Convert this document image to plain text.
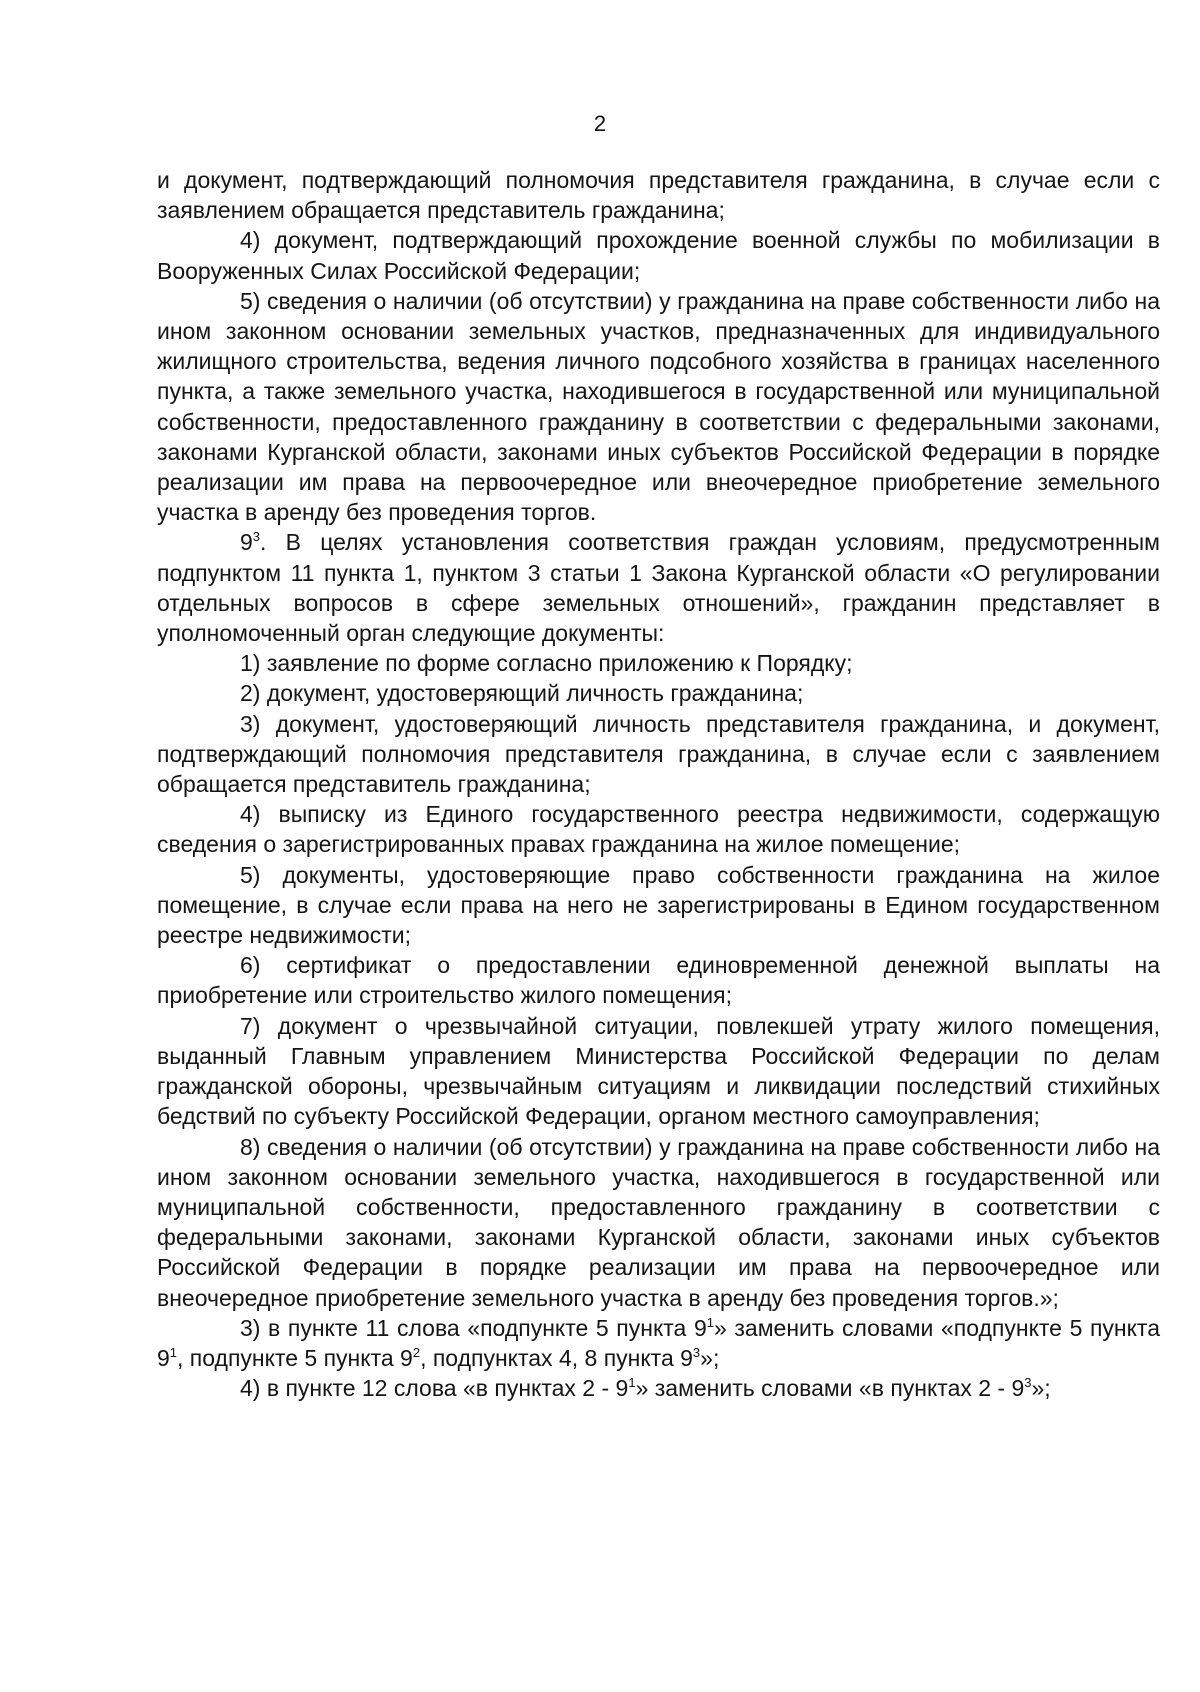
2

и документ, подтверждающий полномочия представителя гражданина, в случае если с заявлением обращается представитель гражданина;

4) документ, подтверждающий прохождение военной службы по мобилизации в Вооруженных Силах Российской Федерации;

5) сведения о наличии (об отсутствии) у гражданина на праве собственности либо на ином законном основании земельных участков, предназначенных для индивидуального жилищного строительства, ведения личного подсобного хозяйства в границах населенного пункта, а также земельного участка, находившегося в государственной или муниципальной собственности, предоставленного гражданину в соответствии с федеральными законами, законами Курганской области, законами иных субъектов Российской Федерации в порядке реализации им права на первоочередное или внеочередное приобретение земельного участка в аренду без проведения торгов.

$9^3$. В целях установления соответствия граждан условиям, предусмотренным подпунктом 11 пункта 1, пунктом 3 статьи 1 Закона Курганской области «О регулировании отдельных вопросов в сфере земельных отношений», гражданин представляет в уполномоченный орган следующие документы:

1) заявление по форме согласно приложению к Порядку;

2) документ, удостоверяющий личность гражданина;

3) документ, удостоверяющий личность представителя гражданина, и документ, подтверждающий полномочия представителя гражданина, в случае если с заявлением обращается представитель гражданина;

4) выписку из Единого государственного реестра недвижимости, содержащую сведения о зарегистрированных правах гражданина на жилое помещение;

5) документы, удостоверяющие право собственности гражданина на жилое помещение, в случае если права на него не зарегистрированы в Едином государственном реестре недвижимости;

6) сертификат о предоставлении единовременной денежной выплаты на приобретение или строительство жилого помещения;

7) документ о чрезвычайной ситуации, повлекшей утрату жилого помещения, выданный Главным управлением Министерства Российской Федерации по делам гражданской обороны, чрезвычайным ситуациям и ликвидации последствий стихийных бедствий по субъекту Российской Федерации, органом местного самоуправления;

8) сведения о наличии (об отсутствии) у гражданина на праве собственности либо на ином законном основании земельного участка, находившегося в государственной или муниципальной собственности, предоставленного гражданину в соответствии с федеральными законами, законами Курганской области, законами иных субъектов Российской Федерации в порядке реализации им права на первоочередное или внеочередное приобретение земельного участка в аренду без проведения торгов.»;

3) в пункте 11 слова «подпункте 5 пункта $9^1$» заменить словами «подпункте 5 пункта $9^1$, подпункте 5 пункта $9^2$, подпунктах 4, 8 пункта $9^3$»;

4) в пункте 12 слова «в пунктах $2 - 9^1$» заменить словами «в пунктах $2 - 9^3$»;
